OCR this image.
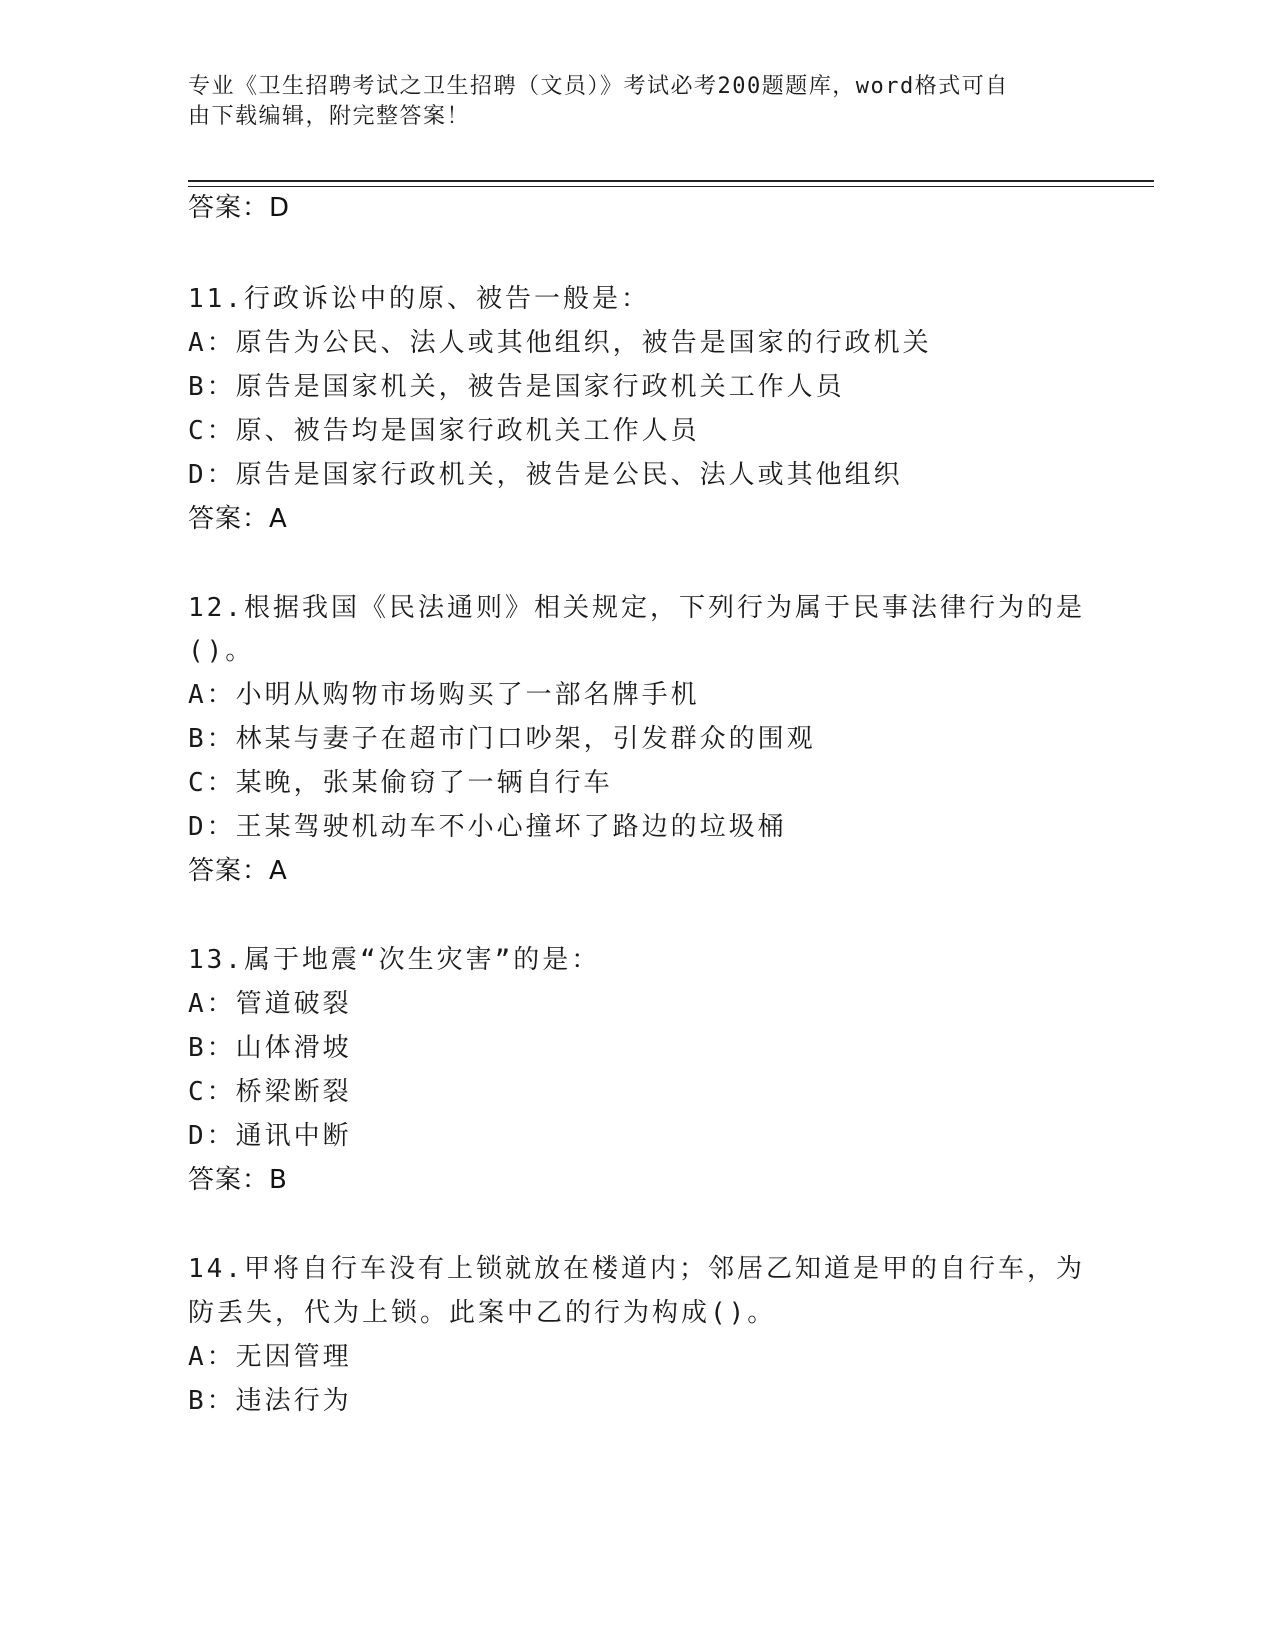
专业《卫生招聘考试之卫生招聘（文员）》考试必考200题题库，word格式可自
由下载编辑，附完整答案！
答案：D
11.行政诉讼中的原、被告一般是：
A：原告为公民、法人或其他组织，被告是国家的行政机关
B：原告是国家机关，被告是国家行政机关工作人员
C：原、被告均是国家行政机关工作人员
D：原告是国家行政机关，被告是公民、法人或其他组织
答案：A
12.根据我国《民法通则》相关规定，下列行为属于民事法律行为的是
()。
A：小明从购物市场购买了一部名牌手机
B：林某与妻子在超市门口吵架，引发群众的围观
C：某晚，张某偷窃了一辆自行车
D：王某驾驶机动车不小心撞坏了路边的垃圾桶
答案：A
13.属于地震“次生灾害”的是：
A：管道破裂
B：山体滑坡
C：桥梁断裂
D：通讯中断
答案：B
14.甲将自行车没有上锁就放在楼道内；邻居乙知道是甲的自行车，为
防丢失，代为上锁。此案中乙的行为构成()。
A：无因管理
B：违法行为
